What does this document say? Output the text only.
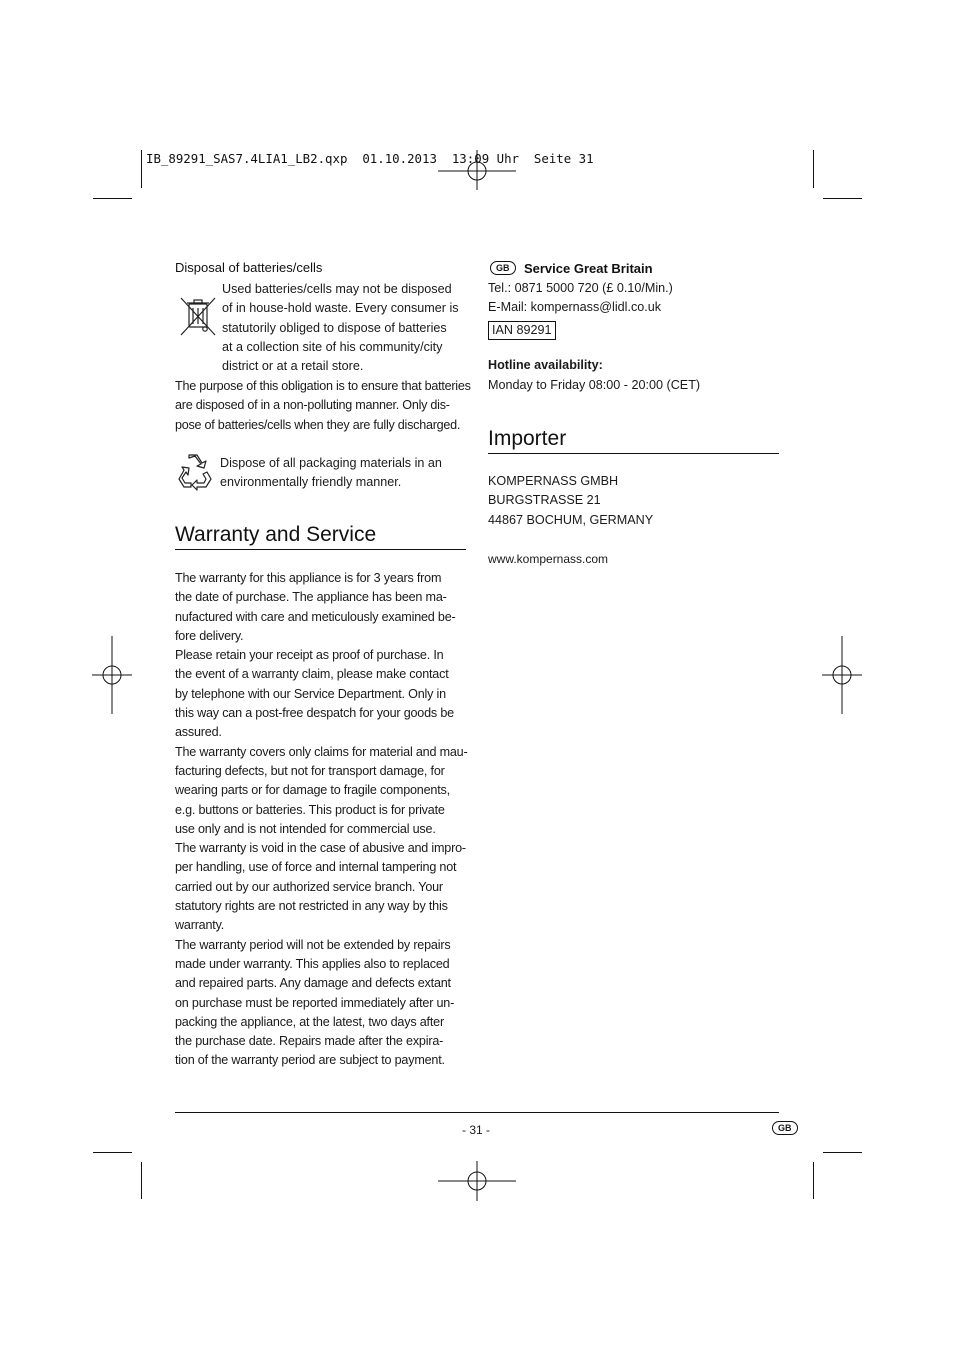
IB_89291_SAS7.4LIA1_LB2.qxp  01.10.2013  13:09 Uhr  Seite 31
Disposal of batteries/cells

Used batteries/cells may not be disposed

of in house-hold waste. Every consumer is

statutorily obliged to dispose of batteries

at a collection site of his community/city

district or at a retail store.

The purpose of this obligation is to ensure that batteries

are disposed of in a non-polluting manner. Only dis-

pose of batteries/cells when they are fully discharged.

Dispose of all packaging materials in an

environmentally friendly manner.

Warranty and Service

The warranty for this appliance is for 3 years from

the date of purchase. The appliance has been ma-

nufactured with care and meticulously examined be-

fore delivery.

Please retain your receipt as proof of purchase. In

the event of a warranty claim, please make contact

by telephone with our Service Department. Only in

this way can a post-free despatch for your goods be

assured.

The warranty covers only claims for material and mau-

facturing defects, but not for transport damage, for

wearing parts or for damage to fragile components,

e.g. buttons or batteries. This product is for private

use only and is not intended for commercial use.

The warranty is void in the case of abusive and impro-

per handling, use of force and internal tampering not

carried out by our authorized service branch. Your

statutory rights are not restricted in any way by this

warranty.

The warranty period will not be extended by repairs

made under warranty. This applies also to replaced

and repaired parts. Any damage and defects extant

on purchase must be reported immediately after un-

packing the appliance, at the latest, two days after

the purchase date. Repairs made after the expira-

tion of the warranty period are subject to payment.

GB Service Great Britain

Tel.: 0871 5000 720 (£ 0.10/Min.)

E-Mail: kompernass@lidl.co.uk

IAN 89291
Hotline availability:
Monday to Friday 08:00 - 20:00 (CET)
Importer

KOMPERNASS GMBH

BURGSTRASSE 21

44867 BOCHUM, GERMANY

www.kompernass.com
- 31 -	GB
